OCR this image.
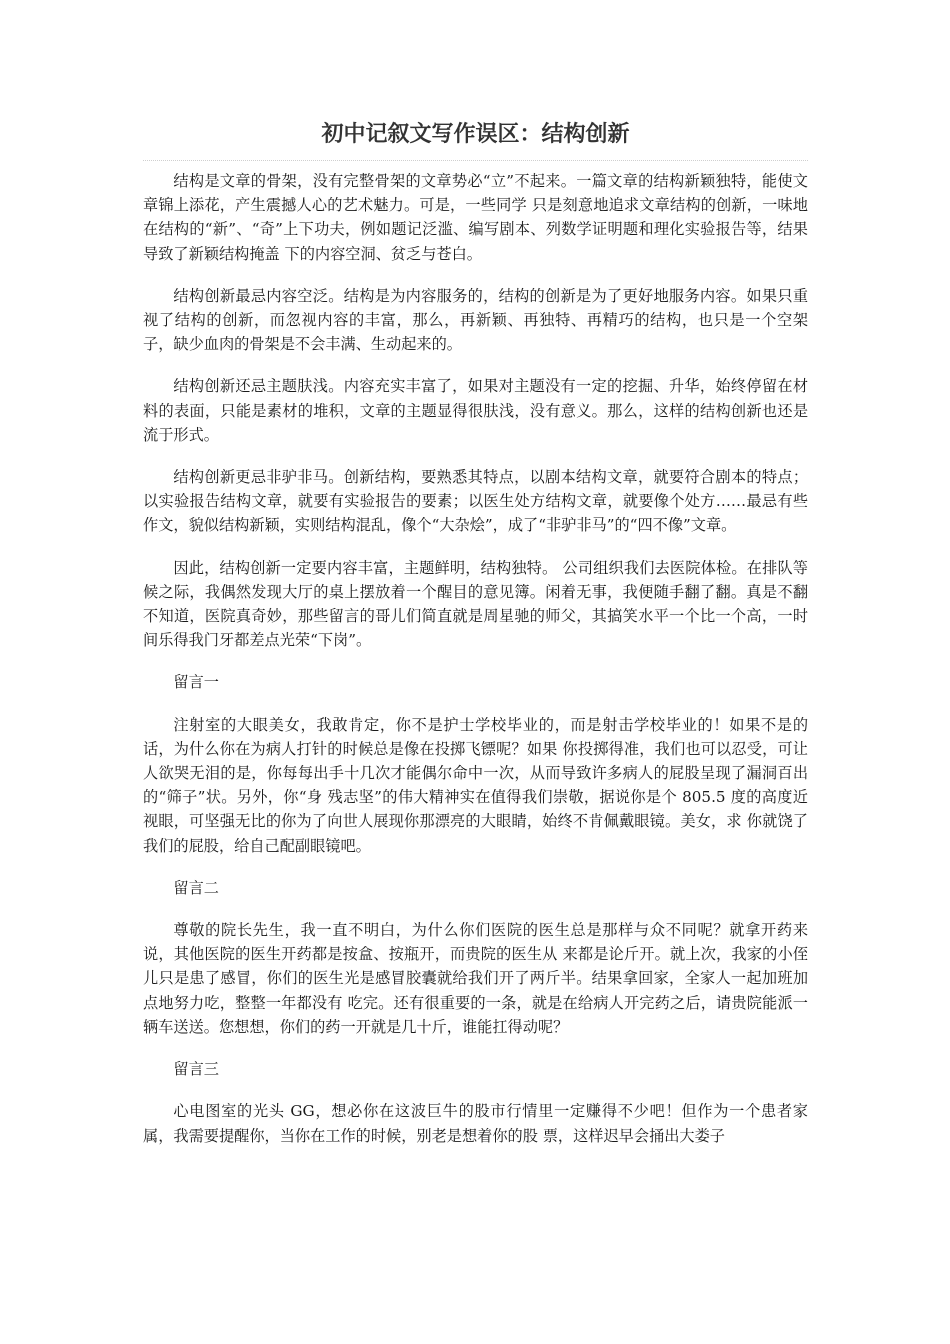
初中记叙文写作误区：结构创新

结构是文章的骨架，没有完整骨架的文章势必“立”不起来。一篇文章的结构新颖独特，能使文章锦上添花，产生震撼人心的艺术魅力。可是，一些同学 只是刻意地追求文章结构的创新，一味地在结构的“新”、“奇”上下功夫，例如题记泛滥、编写剧本、列数学证明题和理化实验报告等，结果导致了新颖结构掩盖 下的内容空洞、贫乏与苍白。

结构创新最忌内容空泛。结构是为内容服务的，结构的创新是为了更好地服务内容。如果只重视了结构的创新，而忽视内容的丰富，那么，再新颖、再独特、再精巧的结构，也只是一个空架子，缺少血肉的骨架是不会丰满、生动起来的。

结构创新还忌主题肤浅。内容充实丰富了，如果对主题没有一定的挖掘、升华，始终停留在材料的表面，只能是素材的堆积，文章的主题显得很肤浅，没有意义。那么，这样的结构创新也还是流于形式。

结构创新更忌非驴非马。创新结构，要熟悉其特点，以剧本结构文章，就要符合剧本的特点；以实验报告结构文章，就要有实验报告的要素；以医生处方结构文章，就要像个处方……最忌有些作文，貌似结构新颖，实则结构混乱，像个“大杂烩”，成了“非驴非马”的“四不像”文章。

因此，结构创新一定要内容丰富，主题鲜明，结构独特。 公司组织我们去医院体检。在排队等候之际，我偶然发现大厅的桌上摆放着一个醒目的意见簿。闲着无事，我便随手翻了翻。真是不翻不知道，医院真奇妙，那些留言的哥儿们简直就是周星驰的师父，其搞笑水平一个比一个高，一时间乐得我门牙都差点光荣“下岗”。

留言一

注射室的大眼美女，我敢肯定，你不是护士学校毕业的，而是射击学校毕业的！如果不是的话，为什么你在为病人打针的时候总是像在投掷飞镖呢？如果 你投掷得准，我们也可以忍受，可让人欲哭无泪的是，你每每出手十几次才能偶尔命中一次，从而导致许多病人的屁股呈现了漏洞百出的“筛子”状。另外，你“身 残志坚”的伟大精神实在值得我们崇敬，据说你是个 805.5 度的高度近视眼，可坚强无比的你为了向世人展现你那漂亮的大眼睛，始终不肯佩戴眼镜。美女，求 你就饶了我们的屁股，给自己配副眼镜吧。

留言二

尊敬的院长先生，我一直不明白，为什么你们医院的医生总是那样与众不同呢？就拿开药来说，其他医院的医生开药都是按盒、按瓶开，而贵院的医生从 来都是论斤开。就上次，我家的小侄儿只是患了感冒，你们的医生光是感冒胶囊就给我们开了两斤半。结果拿回家，全家人一起加班加点地努力吃，整整一年都没有 吃完。还有很重要的一条，就是在给病人开完药之后，请贵院能派一辆车送送。您想想，你们的药一开就是几十斤，谁能扛得动呢？

留言三

心电图室的光头 GG，想必你在这波巨牛的股市行情里一定赚得不少吧！但作为一个患者家属，我需要提醒你，当你在工作的时候，别老是想着你的股 票，这样迟早会捅出大娄子
